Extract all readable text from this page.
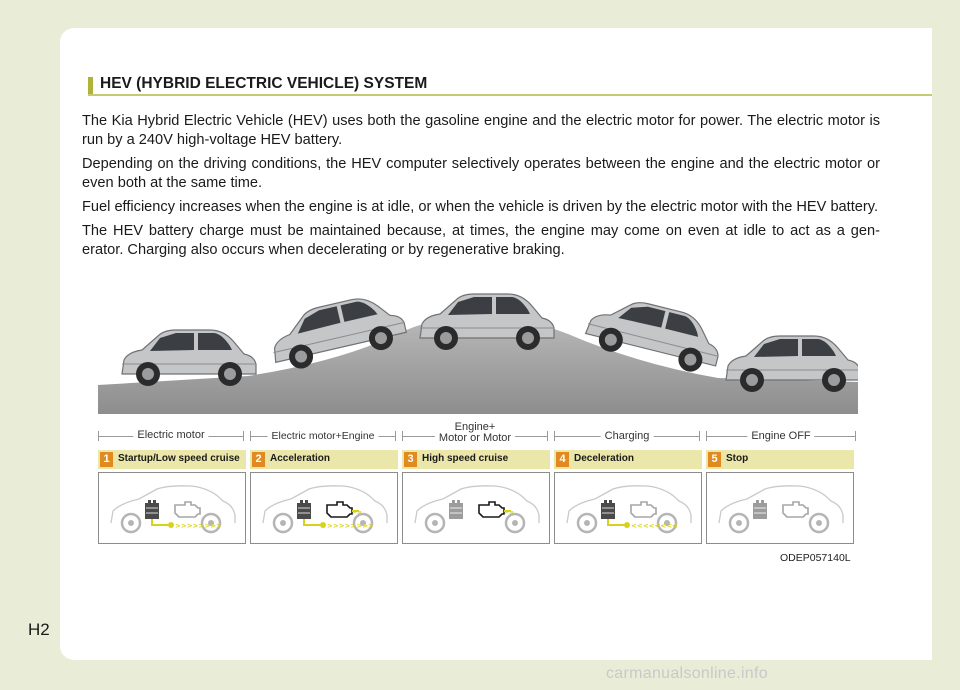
HEV (HYBRID ELECTRIC VEHICLE) SYSTEM

The Kia Hybrid Electric Vehicle (HEV) uses both the gasoline engine and the electric motor for power. The electric motor is run by a 240V high-voltage HEV battery.

Depending on the driving conditions, the HEV computer selectively operates between the engine and the electric motor or even both at the same time.

Fuel efficiency increases when the engine is at idle, or when the vehicle is driven by the electric motor with the HEV battery.

The HEV battery charge must be maintained because, at times, the engine may come on even at idle to act as a gen-erator. Charging also occurs when decelerating or by regenerative braking.

Electric motor	Electric motor+Engine
Engine+
Motor or Motor	Charging	Engine OFF
1 Startup/Low speed cruise
>>>>>>>>
2 Acceleration
>>>>>>>>
>>
3 High speed cruise
>>
4 Deceleration
<<<<<<<<
5 Stop
ODEP057140L
H2
carmanualsonline.info
